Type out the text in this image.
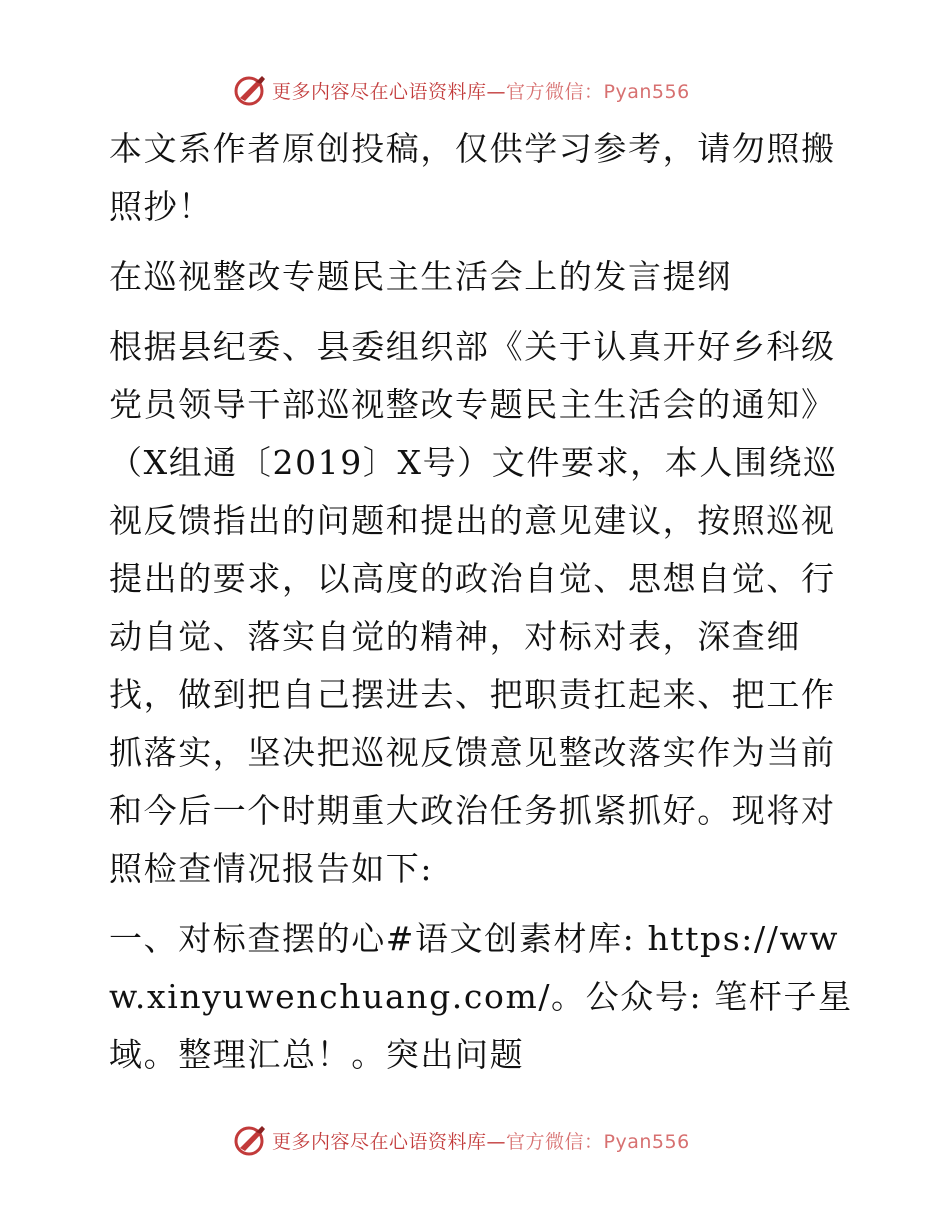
更多内容尽在心语资料库—官方微信：Pyan556

本文系作者原创投稿，仅供学习参考，请勿照搬照抄！

在巡视整改专题民主生活会上的发言提纲

根据县纪委、县委组织部《关于认真开好乡科级党员领导干部巡视整改专题民主生活会的通知》（X组通〔2019〕X号）文件要求，本人围绕巡视反馈指出的问题和提出的意见建议，按照巡视提出的要求，以高度的政治自觉、思想自觉、行动自觉、落实自觉的精神，对标对表，深查细找，做到把自己摆进去、把职责扛起来、把工作抓落实，坚决把巡视反馈意见整改落实作为当前和今后一个时期重大政治任务抓紧抓好。现将对照检查情况报告如下:

一、对标查摆的心#语文创素材库: https://www.xinyuwenchuang.com/。公众号: 笔杆子星域。整理汇总！。突出问题

更多内容尽在心语资料库—官方微信：Pyan556
